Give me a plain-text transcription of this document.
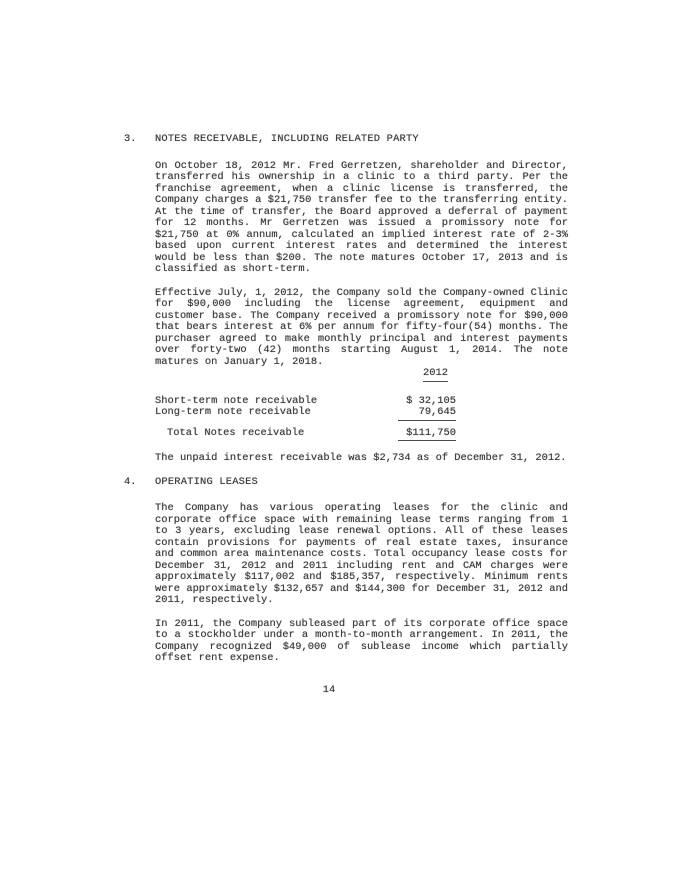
3.	NOTES RECEIVABLE, INCLUDING RELATED PARTY

On October 18, 2012 Mr. Fred Gerretzen, shareholder and Director, transferred his ownership in a clinic to a third party. Per the franchise agreement, when a clinic license is transferred, the Company charges a $21,750 transfer fee to the transferring entity. At the time of transfer, the Board approved a deferral of payment for 12 months. Mr Gerretzen was issued a promissory note for $21,750 at 0% annum, calculated an implied interest rate of 2-3% based upon current interest rates and determined the interest would be less than $200. The note matures October 17, 2013 and is classified as short-term.

Effective July, 1, 2012, the Company sold the Company-owned Clinic for $90,000 including the license agreement, equipment and customer base. The Company received a promissory note for $90,000 that bears interest at 6% per annum for fifty-four(54) months. The purchaser agreed to make monthly principal and interest payments over forty-two (42) months starting August 1, 2014. The note matures on January 1, 2018.

2012
Short-term note receivable	$ 32,105
Long-term note receivable	79,645
Total Notes receivable	$111,750

The unpaid interest receivable was $2,734 as of December 31, 2012.

4.	OPERATING LEASES

The Company has various operating leases for the clinic and corporate office space with remaining lease terms ranging from 1 to 3 years, excluding lease renewal options. All of these leases contain provisions for payments of real estate taxes, insurance and common area maintenance costs. Total occupancy lease costs for December 31, 2012 and 2011 including rent and CAM charges were approximately $117,002 and $185,357, respectively. Minimum rents were approximately $132,657 and $144,300 for December 31, 2012 and 2011, respectively.

In 2011, the Company subleased part of its corporate office space to a stockholder under a month-to-month arrangement. In 2011, the Company recognized $49,000 of sublease income which partially offset rent expense.

14
